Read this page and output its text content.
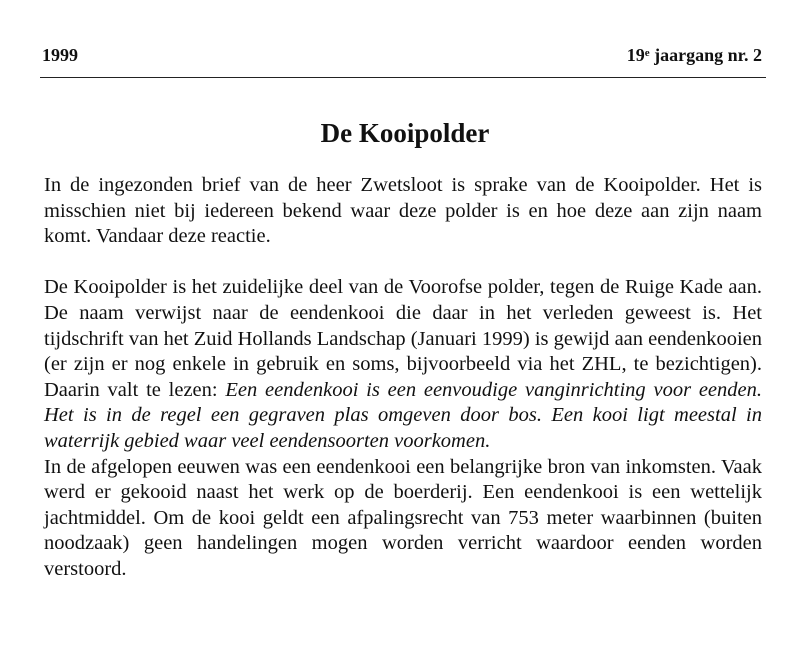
1999	19e jaargang nr. 2
De Kooipolder

In de ingezonden brief van de heer Zwetsloot is sprake van de Kooipolder. Het is misschien niet bij iedereen bekend waar deze polder is en hoe deze aan zijn naam komt. Vandaar deze reactie.

De Kooipolder is het zuidelijke deel van de Voorofse polder, tegen de Ruige Kade aan. De naam verwijst naar de eendenkooi die daar in het verleden geweest is. Het tijdschrift van het Zuid Hollands Landschap (Januari 1999) is gewijd aan eendenkooien (er zijn er nog enkele in gebruik en soms, bijvoorbeeld via het ZHL, te bezichtigen). Daarin valt te lezen: Een eendenkooi is een eenvoudige vanginrichting voor eenden. Het is in de regel een gegraven plas omgeven door bos. Een kooi ligt meestal in waterrijk gebied waar veel eendensoorten voorkomen.

In de afgelopen eeuwen was een eendenkooi een belangrijke bron van inkomsten. Vaak werd er gekooid naast het werk op de boerderij. Een eendenkooi is een wettelijk jachtmiddel. Om de kooi geldt een afpalingsrecht van 753 meter waarbinnen (buiten noodzaak) geen handelingen mogen worden verricht waardoor eenden worden verstoord.
